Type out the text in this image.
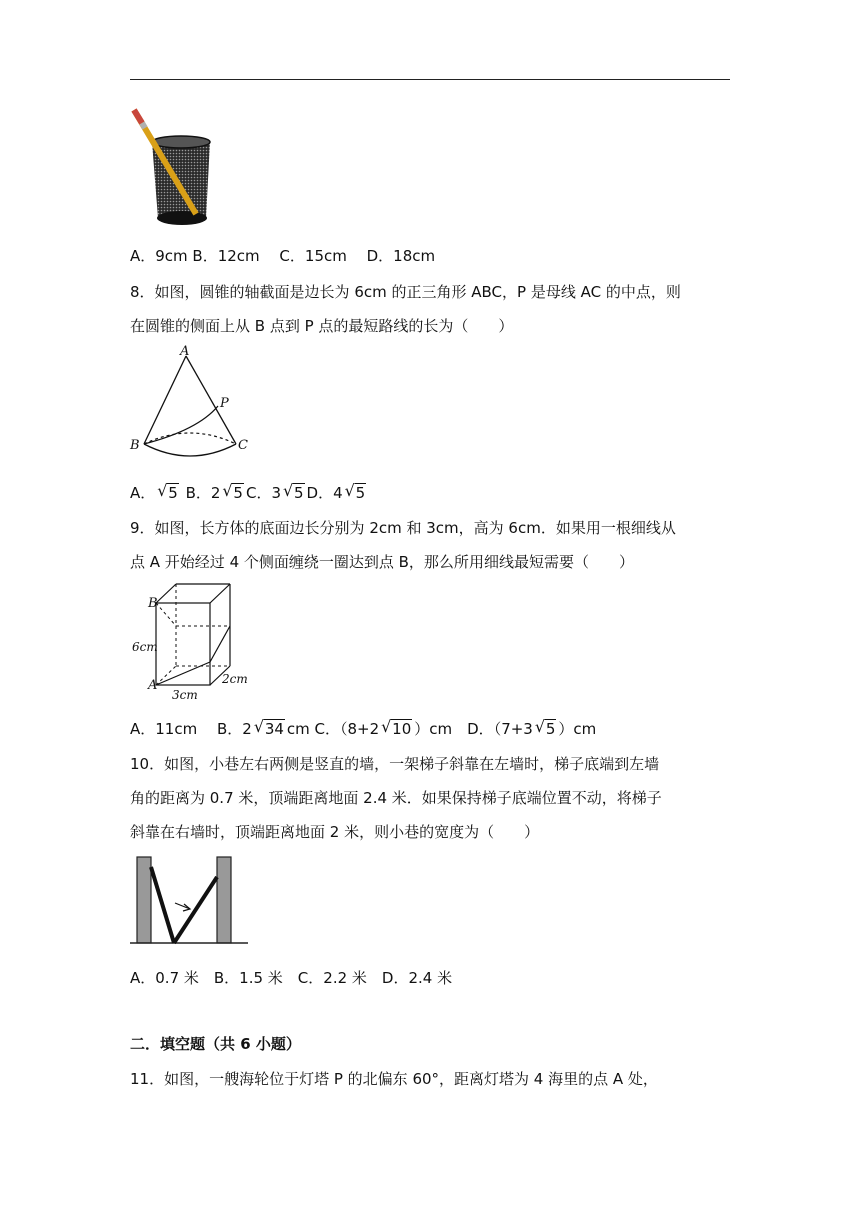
A．9cm B．12cm　 C．15cm　 D．18cm
8．如图，圆锥的轴截面是边长为 6cm 的正三角形 ABC，P 是母线 AC 的中点，则
在圆锥的侧面上从 B 点到 P 点的最短路线的长为（　　）
A
P
B	C
A． √ 5 B．2 √ 5 C．3 √ 5 D．4 √ 5
9．如图，长方体的底面边长分别为 2cm 和 3cm，高为 6cm．如果用一根细线从
点 A 开始经过 4 个侧面缠绕一圈达到点 B，那么所用细线最短需要（　　）
B
6cm
A
3cm
2cm
A．11cm　 B．2 √ 34 cm C．（8+2 √ 10 ）cm　D．（7+3 √ 5 ）cm
10．如图，小巷左右两侧是竖直的墙，一架梯子斜靠在左墙时，梯子底端到左墙
角的距离为 0.7 米，顶端距离地面 2.4 米．如果保持梯子底端位置不动，将梯子
斜靠在右墙时，顶端距离地面 2 米，则小巷的宽度为（　　）
A．0.7 米　B．1.5 米　C．2.2 米　D．2.4 米
二．填空题（共 6 小题）
11．如图，一艘海轮位于灯塔 P 的北偏东 60°，距离灯塔为 4 海里的点 A 处，
